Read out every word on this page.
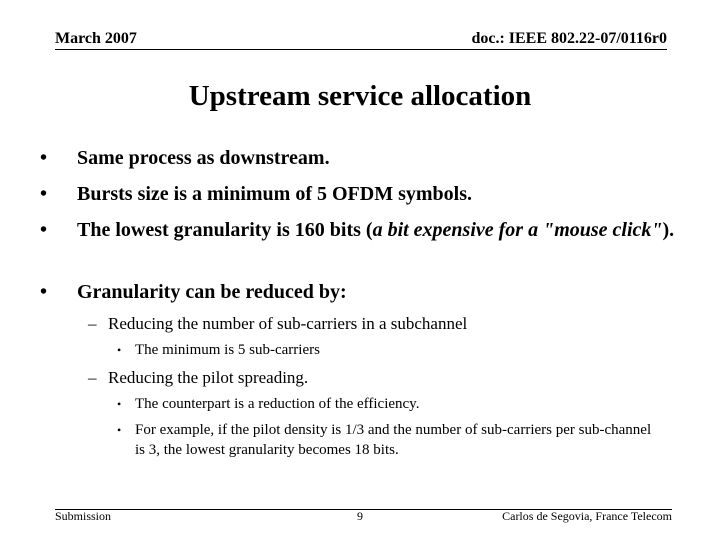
March 2007	doc.: IEEE 802.22-07/0116r0
Upstream service allocation
• Same process as downstream.
• Bursts size is a minimum of 5 OFDM symbols.
• The lowest granularity is 160 bits (a bit expensive for a "mouse click").
• Granularity can be reduced by:
– Reducing the number of sub-carriers in a subchannel
• The minimum is 5 sub-carriers
– Reducing the pilot spreading.
• The counterpart is a reduction of the efficiency.
• For example, if the pilot density is 1/3 and the number of sub-carriers per sub-channel is 3, the lowest granularity becomes 18 bits.
Submission	9	Carlos de Segovia, France Telecom
